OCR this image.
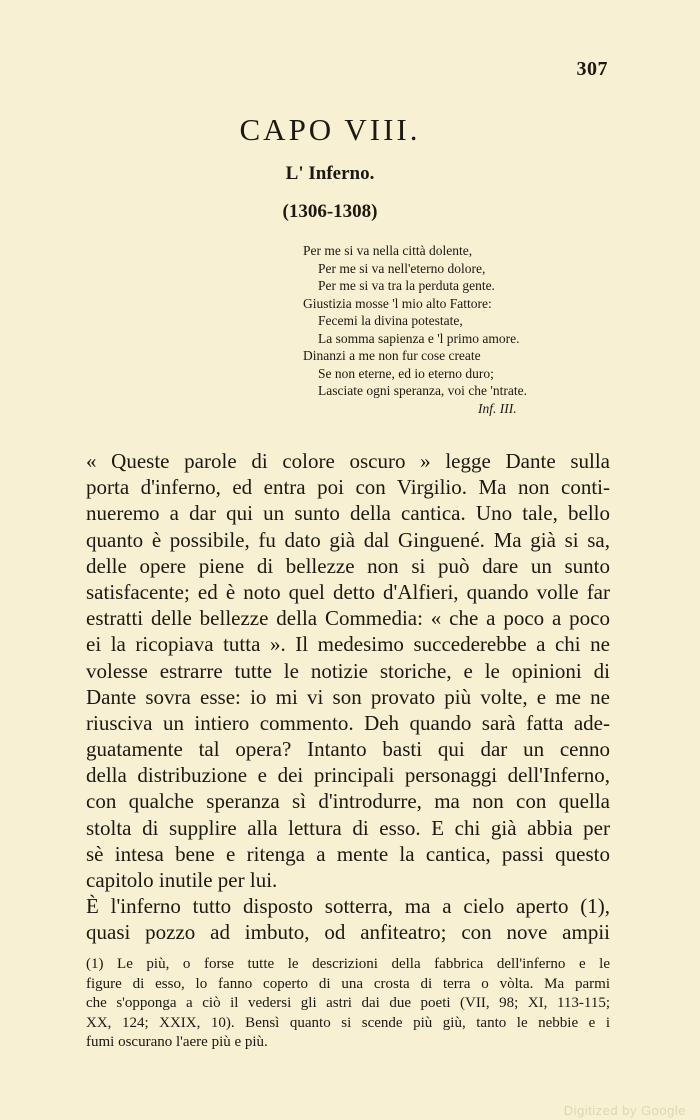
307
CAPO VIII.
L' Inferno.
(1306-1308)
Per me si va nella città dolente,
Per me si va nell'eterno dolore,
Per me si va tra la perduta gente.
Giustizia mosse 'l mio alto Fattore:
Fecemi la divina potestate,
La somma sapienza e 'l primo amore.
Dinanzi a me non fur cose create
Se non eterne, ed io eterno duro;
Lasciate ogni speranza, voi che 'ntrate.
Inf. III.
« Queste parole di colore oscuro » legge Dante sulla
porta d'inferno, ed entra poi con Virgilio. Ma non conti-
nueremo a dar qui un sunto della cantica. Uno tale, bello
quanto è possibile, fu dato già dal Ginguené. Ma già si sa,
delle opere piene di bellezze non si può dare un sunto
satisfacente; ed è noto quel detto d'Alfieri, quando volle far
estratti delle bellezze della Commedia: « che a poco a poco
ei la ricopiava tutta ». Il medesimo succederebbe a chi ne
volesse estrarre tutte le notizie storiche, e le opinioni di
Dante sovra esse: io mi vi son provato più volte, e me ne
riusciva un intiero commento. Deh quando sarà fatta ade-
guatamente tal opera? Intanto basti qui dar un cenno
della distribuzione e dei principali personaggi dell'Inferno,
con qualche speranza sì d'introdurre, ma non con quella
stolta di supplire alla lettura di esso. E chi già abbia per
sè intesa bene e ritenga a mente la cantica, passi questo
capitolo inutile per lui.
È l'inferno tutto disposto sotterra, ma a cielo aperto (1),
quasi pozzo ad imbuto, od anfiteatro; con nove ampii
(1) Le più, o forse tutte le descrizioni della fabbrica dell'inferno e le
figure di esso, lo fanno coperto di una crosta di terra o vòlta. Ma parmi
che s'opponga a ciò il vedersi gli astri dai due poeti (VII, 98; XI, 113-115;
XX, 124; XXIX, 10). Bensì quanto si scende più giù, tanto le nebbie e i
fumi oscurano l'aere più e più.
Digitized by Google
